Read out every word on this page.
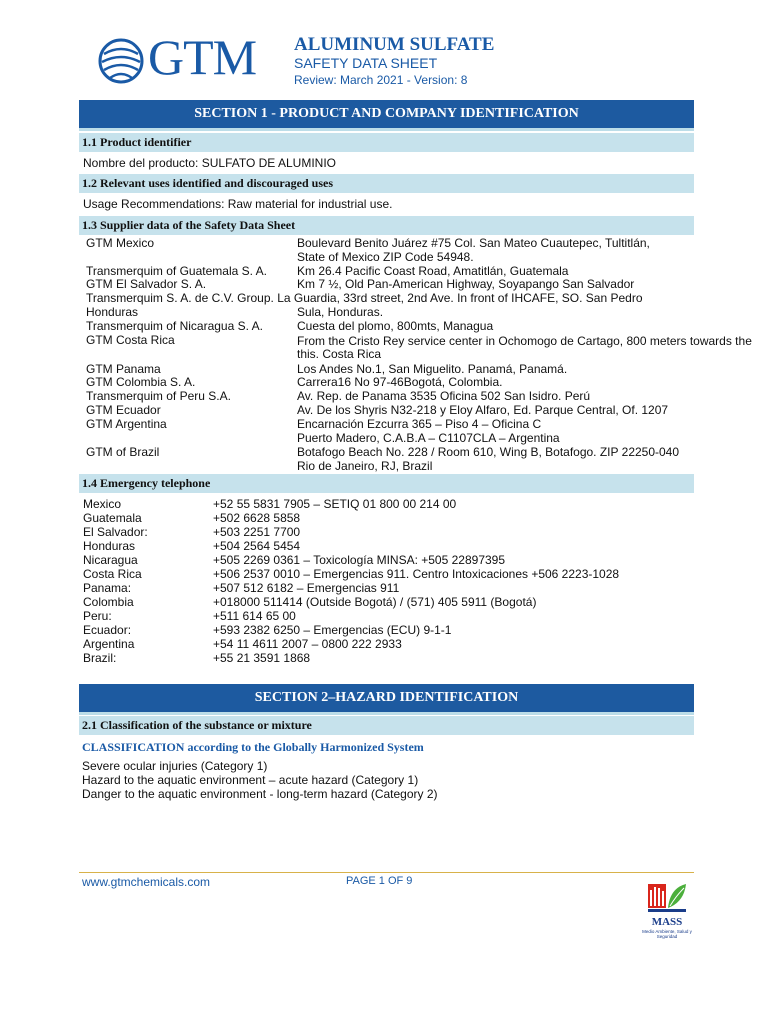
GTM ALUMINUM SULFATE
SAFETY DATA SHEET
Review: March 2021 - Version: 8
SECTION 1 - PRODUCT AND COMPANY IDENTIFICATION
1.1 Product identifier
Nombre del producto: SULFATO DE ALUMINIO
1.2 Relevant uses identified and discouraged uses
Usage Recommendations: Raw material for industrial use.
1.3 Supplier data of the Safety Data Sheet
GTM Mexico	Boulevard Benito Juárez #75 Col. San Mateo Cuautepec, Tultitlán,
State of Mexico ZIP Code 54948.
Transmerquim of Guatemala S. A.	Km 26.4 Pacific Coast Road, Amatitlán, Guatemala
GTM El Salvador S. A.	Km 7 ½, Old Pan-American Highway, Soyapango San Salvador
Transmerquim S. A. de C.V. Group. La Guardia, 33rd street, 2nd Ave. In front of IHCAFE, SO. San Pedro
Honduras	Sula, Honduras.
Transmerquim of Nicaragua S. A.	Cuesta del plomo, 800mts, Managua
GTM Costa Rica	From the Cristo Rey service center in Ochomogo de Cartago, 800 meters towards the
this. Costa Rica
GTM Panama	Los Andes No.1, San Miguelito. Panamá, Panamá.
GTM Colombia S. A.	Carrera16 No 97-46Bogotá, Colombia.
Transmerquim of Peru S.A.	Av. Rep. de Panama 3535 Oficina 502 San Isidro. Perú
GTM Ecuador	Av. De los Shyris N32-218 y Eloy Alfaro, Ed. Parque Central, Of. 1207
GTM Argentina	Encarnación Ezcurra 365 – Piso 4 – Oficina C
Puerto Madero, C.A.B.A – C1107CLA – Argentina
GTM of Brazil	Botafogo Beach No. 228 / Room 610, Wing B, Botafogo. ZIP 22250-040
Rio de Janeiro, RJ, Brazil
1.4 Emergency telephone
Mexico	+52 55 5831 7905 – SETIQ 01 800 00 214 00
Guatemala	+502 6628 5858
El Salvador:	+503 2251 7700
Honduras	+504 2564 5454
Nicaragua	+505 2269 0361 – Toxicología MINSA: +505 22897395
Costa Rica	+506 2537 0010 – Emergencias 911. Centro Intoxicaciones +506 2223-1028
Panama:	+507 512 6182 – Emergencias 911
Colombia	+018000 511414 (Outside Bogotá) / (571) 405 5911 (Bogotá)
Peru:	+511 614 65 00
Ecuador:	+593 2382 6250 – Emergencias (ECU) 9-1-1
Argentina	+54 11 4611 2007 – 0800 222 2933
Brazil:	+55 21 3591 1868
SECTION 2–HAZARD IDENTIFICATION
2.1 Classification of the substance or mixture
CLASSIFICATION according to the Globally Harmonized System
Severe ocular injuries (Category 1)
Hazard to the aquatic environment – acute hazard (Category 1)
Danger to the aquatic environment - long-term hazard (Category 2)
www.gtmchemicals.com	PAGE 1 OF 9
MASS
Medio Ambiente, Salud y Seguridad
